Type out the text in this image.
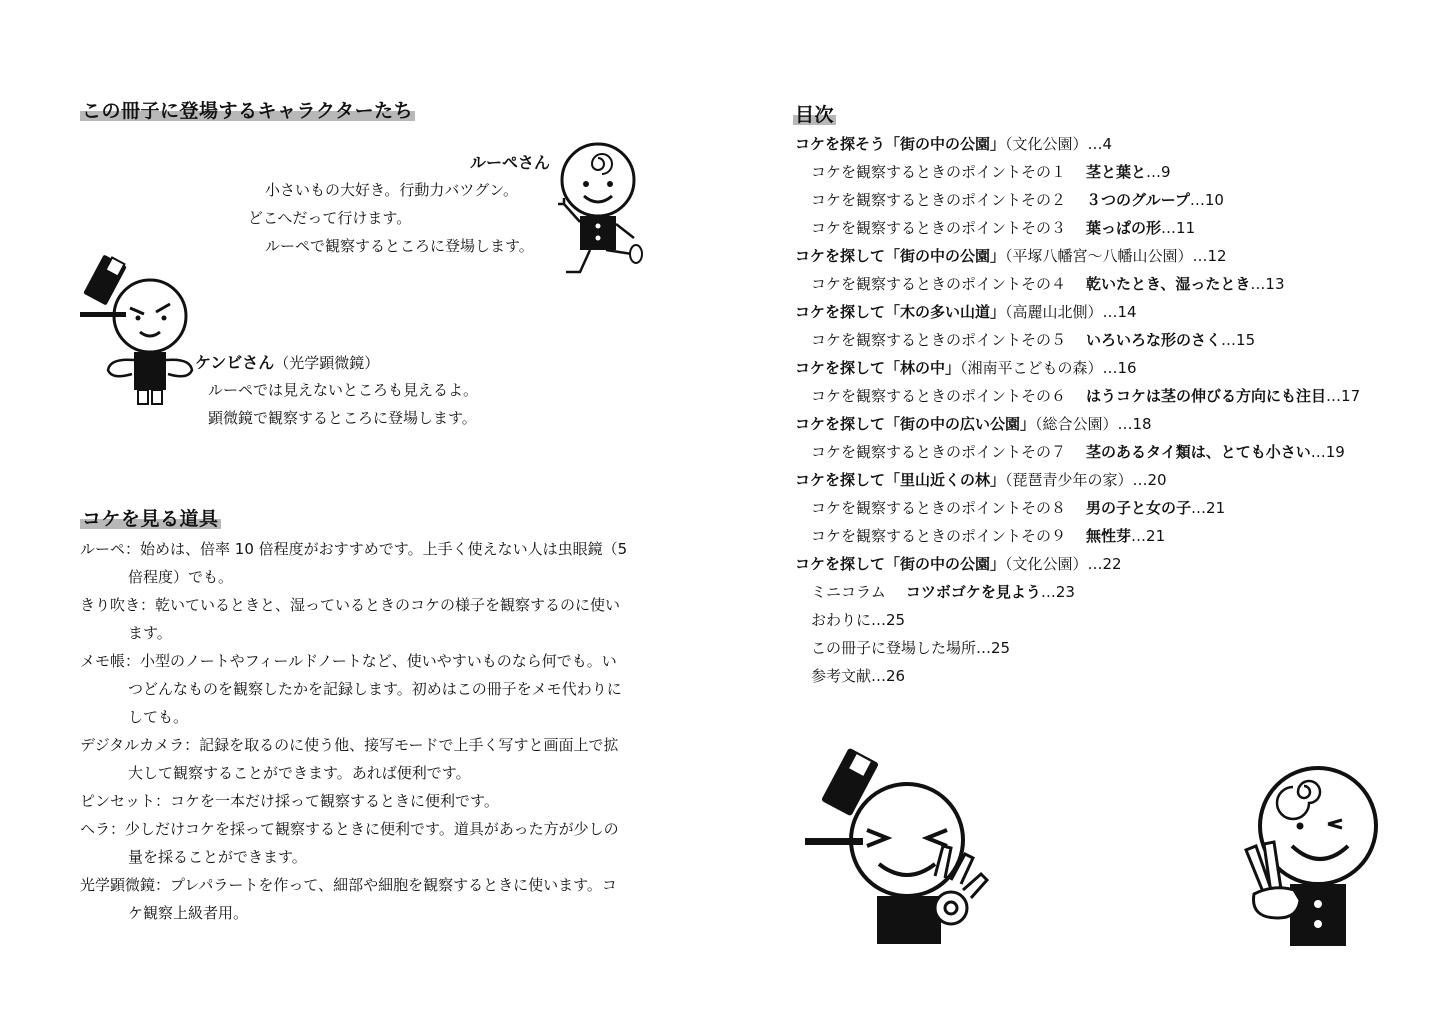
この冊子に登場するキャラクターたち
ルーペさん
小さいもの大好き。行動力バツグン。
どこへだって行けます。
ルーペで観察するところに登場します。
ケンビさん（光学顕微鏡）
ルーペでは見えないところも見えるよ。
顕微鏡で観察するところに登場します。
コケを見る道具
ルーペ：始めは、倍率 10 倍程度がおすすめです。上手く使えない人は虫眼鏡（5
倍程度）でも。
きり吹き：乾いているときと、湿っているときのコケの様子を観察するのに使い
ます。
メモ帳：小型のノートやフィールドノートなど、使いやすいものなら何でも。い
つどんなものを観察したかを記録します。初めはこの冊子をメモ代わりに
しても。
デジタルカメラ：記録を取るのに使う他、接写モードで上手く写すと画面上で拡
大して観察することができます。あれば便利です。
ピンセット：コケを一本だけ採って観察するときに便利です。
ヘラ：少しだけコケを採って観察するときに便利です。道具があった方が少しの
量を採ることができます。
光学顕微鏡：プレパラートを作って、細部や細胞を観察するときに使います。コ
ケ観察上級者用。
目次
コケを探そう「街の中の公園」（文化公園）…4
コケを観察するときのポイントその１ 茎と葉と…9
コケを観察するときのポイントその２ ３つのグループ…10
コケを観察するときのポイントその３ 葉っぱの形…11
コケを探して「街の中の公園」（平塚八幡宮～八幡山公園）…12
コケを観察するときのポイントその４ 乾いたとき、湿ったとき…13
コケを探して「木の多い山道」（高麗山北側）…14
コケを観察するときのポイントその５ いろいろな形のさく…15
コケを探して「林の中」（湘南平こどもの森）…16
コケを観察するときのポイントその６ はうコケは茎の伸びる方向にも注目…17
コケを探して「街の中の広い公園」（総合公園）…18
コケを観察するときのポイントその７ 茎のあるタイ類は、とても小さい…19
コケを探して「里山近くの林」（琵琶青少年の家）…20
コケを観察するときのポイントその８ 男の子と女の子…21
コケを観察するときのポイントその９ 無性芽…21
コケを探して「街の中の公園」（文化公園）…22
ミニコラム コツボゴケを見よう…23
おわりに…25
この冊子に登場した場所…25
参考文献…26
